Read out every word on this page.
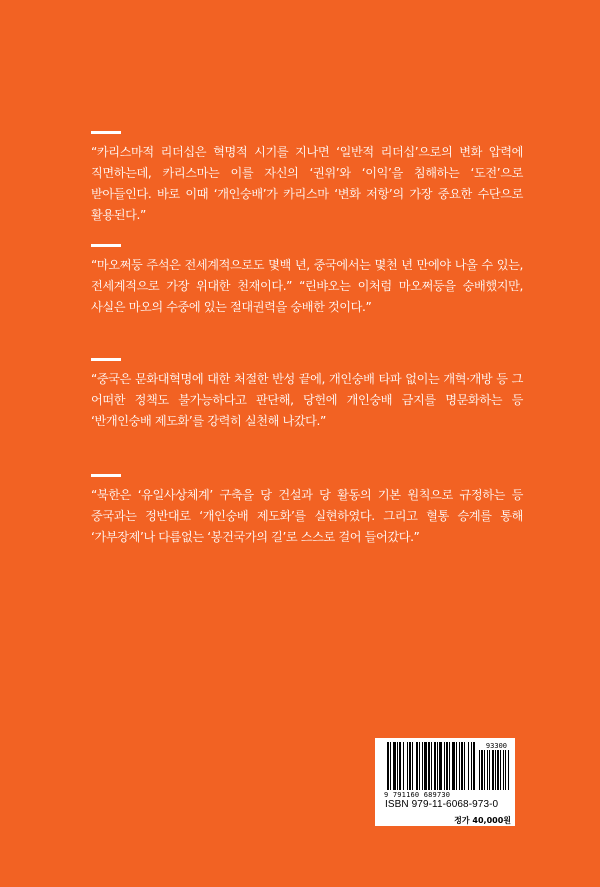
“카리스마적 리더십은 혁명적 시기를 지나면 ‘일반적 리더십’으로의 변화 압력에 직면하는데, 카리스마는 이를 자신의 ‘권위’와 ‘이익’을 침해하는 ‘도전’으로 받아들인다. 바로 이때 ‘개인숭배’가 카리스마 ‘변화 저항’의 가장 중요한 수단으로 활용된다.”

“마오쩌둥 주석은 전세계적으로도 몇백 년, 중국에서는 몇천 년 만에야 나올 수 있는, 전세계적으로 가장 위대한 천재이다.” “린뱌오는 이처럼 마오쩌둥을 숭배했지만, 사실은 마오의 수중에 있는 절대권력을 숭배한 것이다.”

“중국은 문화대혁명에 대한 처절한 반성 끝에, 개인숭배 타파 없이는 개혁·개방 등 그 어떠한 정책도 불가능하다고 판단해, 당헌에 개인숭배 금지를 명문화하는 등 ‘반개인숭배 제도화’를 강력히 실천해 나갔다.”

“북한은 ‘유일사상체계’ 구축을 당 건설과 당 활동의 기본 원칙으로 규정하는 등 중국과는 정반대로 ‘개인숭배 제도화’를 실현하였다. 그리고 혈통 승계를 통해 ‘가부장제’나 다름없는 ‘봉건국가의 길’로 스스로 걸어 들어갔다.”

93300
9 791160 689730
ISBN 979-11-6068-973-0
정가 40,000원
